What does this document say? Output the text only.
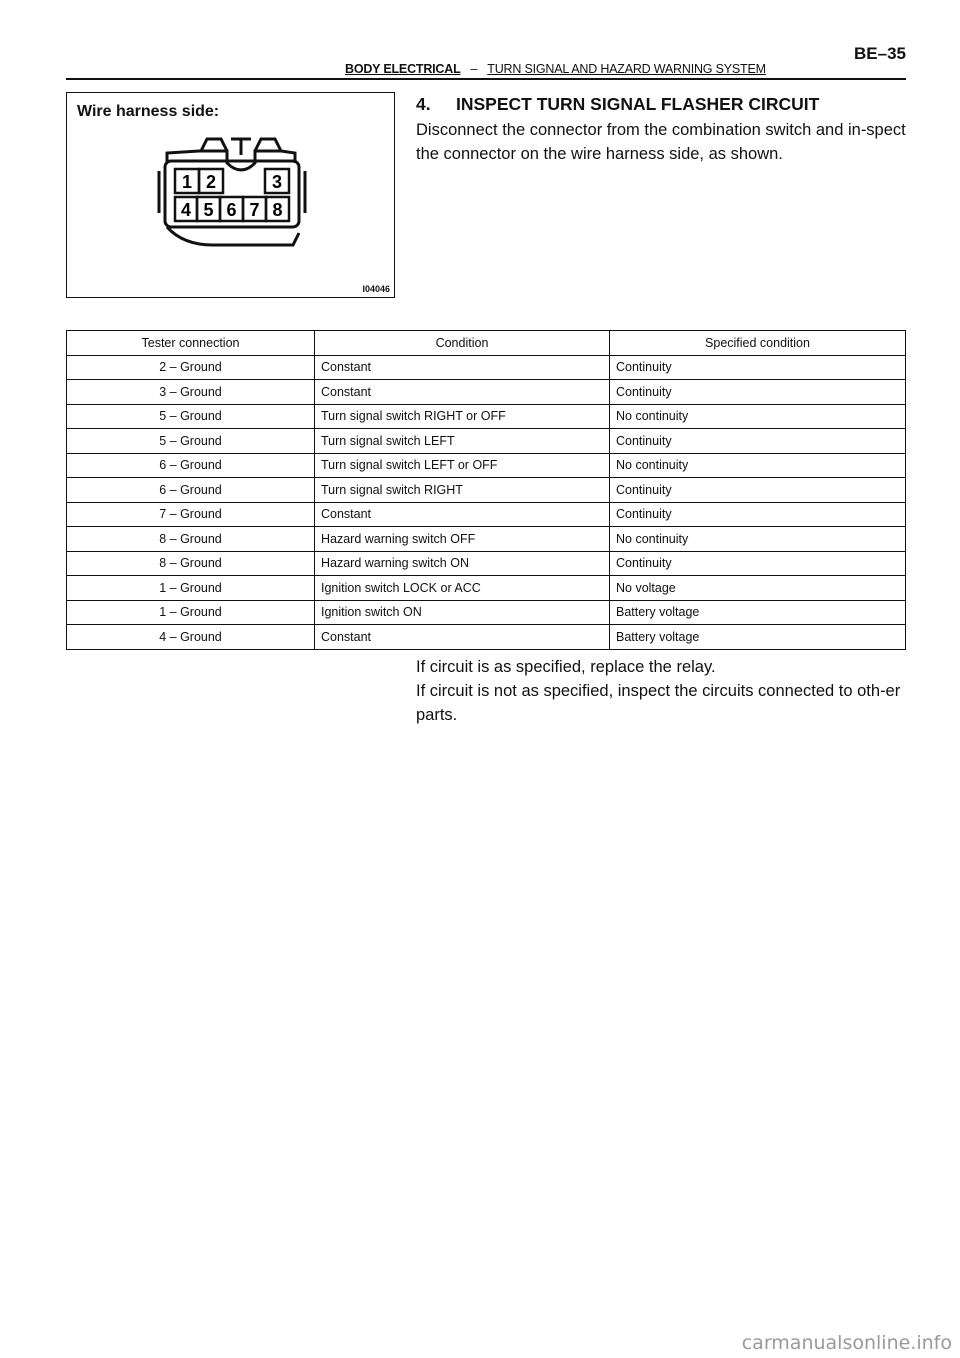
BODY ELECTRICAL – TURN SIGNAL AND HAZARD WARNING SYSTEM
BE–35
Wire harness side:
1 2	3
4 5 6 7 8
I04046
4. INSPECT TURN SIGNAL FLASHER CIRCUIT

Disconnect the connector from the combination switch and in-spect the connector on the wire harness side, as shown.

Tester connection	Condition	Specified condition
2 – Ground	Constant	Continuity
3 – Ground	Constant	Continuity
5 – Ground	Turn signal switch RIGHT or OFF	No continuity
5 – Ground	Turn signal switch LEFT	Continuity
6 – Ground	Turn signal switch LEFT or OFF	No continuity
6 – Ground	Turn signal switch RIGHT	Continuity
7 – Ground	Constant	Continuity
8 – Ground	Hazard warning switch OFF	No continuity
8 – Ground	Hazard warning switch ON	Continuity
1 – Ground	Ignition switch LOCK or ACC	No voltage
1 – Ground	Ignition switch ON	Battery voltage
4 – Ground	Constant	Battery voltage

If circuit is as specified, replace the relay.

If circuit is not as specified, inspect the circuits connected to oth-er parts.

carmanualsonline.info
